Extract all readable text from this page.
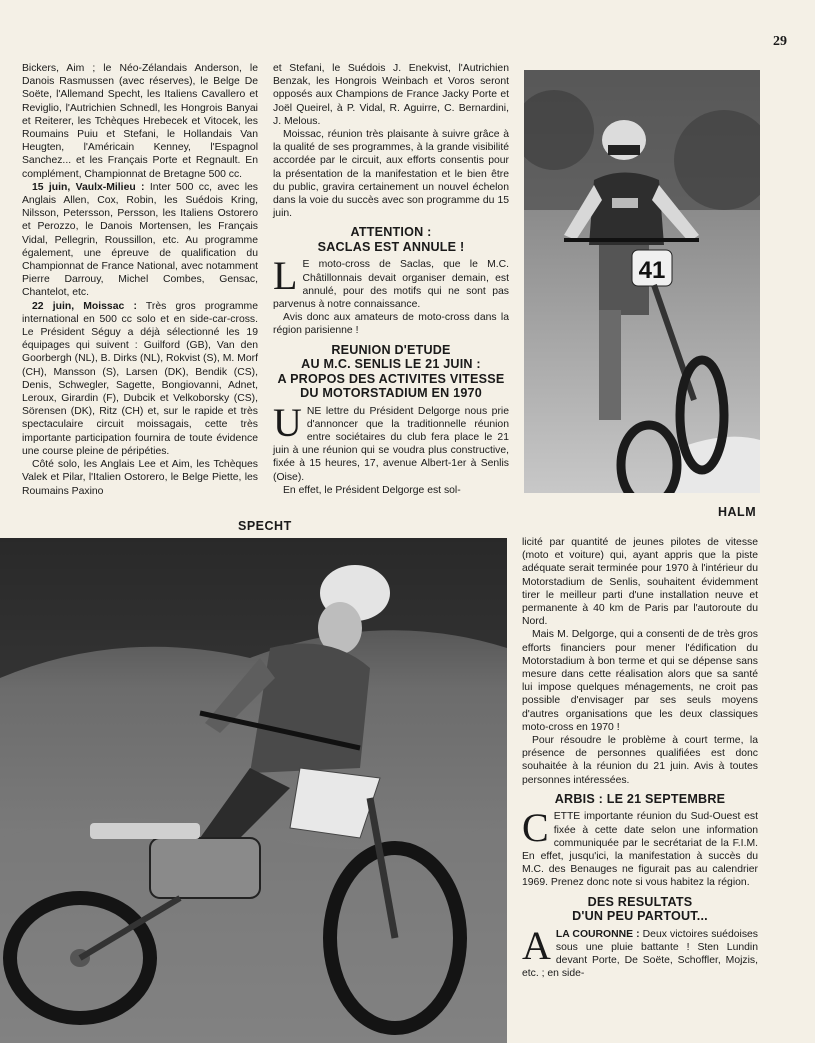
29

Bickers, Aim ; le Néo-Zélandais Anderson, le Danois Rasmussen (avec réserves), le Belge De Soëte, l'Allemand Specht, les Italiens Cavallero et Reviglio, l'Autrichien Schnedl, les Hongrois Banyai et Reiterer, les Tchèques Hrebecek et Vitocek, les Roumains Puiu et Stefani, le Hollandais Van Heugten, l'Américain Kenney, l'Espagnol Sanchez... et les Français Porte et Regnault. En complément, Championnat de Bretagne 500 cc.

15 juin, Vaulx-Milieu : Inter 500 cc, avec les Anglais Allen, Cox, Robin, les Suédois Kring, Nilsson, Petersson, Persson, les Italiens Ostorero et Perozzo, le Danois Mortensen, les Français Vidal, Pellegrin, Roussillon, etc. Au programme également, une épreuve de qualification du Championnat de France National, avec notamment Pierre Darrouy, Michel Combes, Gensac, Chantelot, etc.

22 juin, Moissac : Très gros programme international en 500 cc solo et en side-car-cross. Le Président Séguy a déjà sélectionné les 19 équipages qui suivent : Guilford (GB), Van den Goorbergh (NL), B. Dirks (NL), Rokvist (S), M. Morf (CH), Mansson (S), Larsen (DK), Bendik (CS), Denis, Schwegler, Sagette, Bongiovanni, Adnet, Leroux, Girardin (F), Dubcik et Velkoborsky (CS), Sörensen (DK), Ritz (CH) et, sur le rapide et très spectaculaire circuit moissagais, cette très importante participation fournira de toute évidence une course pleine de péripéties.

Côté solo, les Anglais Lee et Aim, les Tchèques Valek et Pilar, l'Italien Ostorero, le Belge Piette, les Roumains Paxino

et Stefani, le Suédois J. Enekvist, l'Autrichien Benzak, les Hongrois Weinbach et Voros seront opposés aux Champions de France Jacky Porte et Joël Queirel, à P. Vidal, R. Aguirre, C. Bernardini, J. Melous.

Moissac, réunion très plaisante à suivre grâce à la qualité de ses programmes, à la grande visibilité accordée par le circuit, aux efforts consentis pour la présentation de la manifestation et le bien être du public, gravira certainement un nouvel échelon dans la voie du succès avec son programme du 15 juin.

ATTENTION :
SACLAS EST ANNULE !

L E moto-cross de Saclas, que le M.C. Châtillonnais devait organiser demain, est annulé, pour des motifs qui ne sont pas parvenus à notre connaissance.

Avis donc aux amateurs de moto-cross dans la région parisienne !

REUNION D'ETUDE
AU M.C. SENLIS LE 21 JUIN :
A PROPOS DES ACTIVITES VITESSE
DU MOTORSTADIUM EN 1970

UNE lettre du Président Delgorge nous prie d'annoncer que la traditionnelle réunion entre sociétaires du club fera place le 21 juin à une réunion qui se voudra plus constructive, fixée à 15 heures, 17, avenue Albert-1er à Senlis (Oise).

En effet, le Président Delgorge est sol-

41
HALM
SPECHT

licité par quantité de jeunes pilotes de vitesse (moto et voiture) qui, ayant appris que la piste adéquate serait terminée pour 1970 à l'intérieur du Motorstadium de Senlis, souhaitent évidemment tirer le meilleur parti d'une installation neuve et permanente à 40 km de Paris par l'autoroute du Nord.

Mais M. Delgorge, qui a consenti de de très gros efforts financiers pour mener l'édification du Motorstadium à bon terme et qui se dépense sans mesure dans cette réalisation alors que sa santé lui impose quelques ménagements, ne croit pas possible d'envisager par ses seuls moyens d'autres organisations que les deux classiques moto-cross en 1970 !

Pour résoudre le problème à court terme, la présence de personnes qualifiées est donc souhaitée à la réunion du 21 juin. Avis à toutes personnes intéressées.

ARBIS : LE 21 SEPTEMBRE

CETTE importante réunion du Sud-Ouest est fixée à cette date selon une information communiquée par le secrétariat de la F.I.M. En effet, jusqu'ici, la manifestation à succès du M.C. des Benauges ne figurait pas au calendrier 1969. Prenez donc note si vous habitez la région.

DES RESULTATS
D'UN PEU PARTOUT...

ALA COURONNE : Deux victoires suédoises sous une pluie battante ! Sten Lundin devant Porte, De Soëte, Schoffler, Mojzis, etc. ; en side-
